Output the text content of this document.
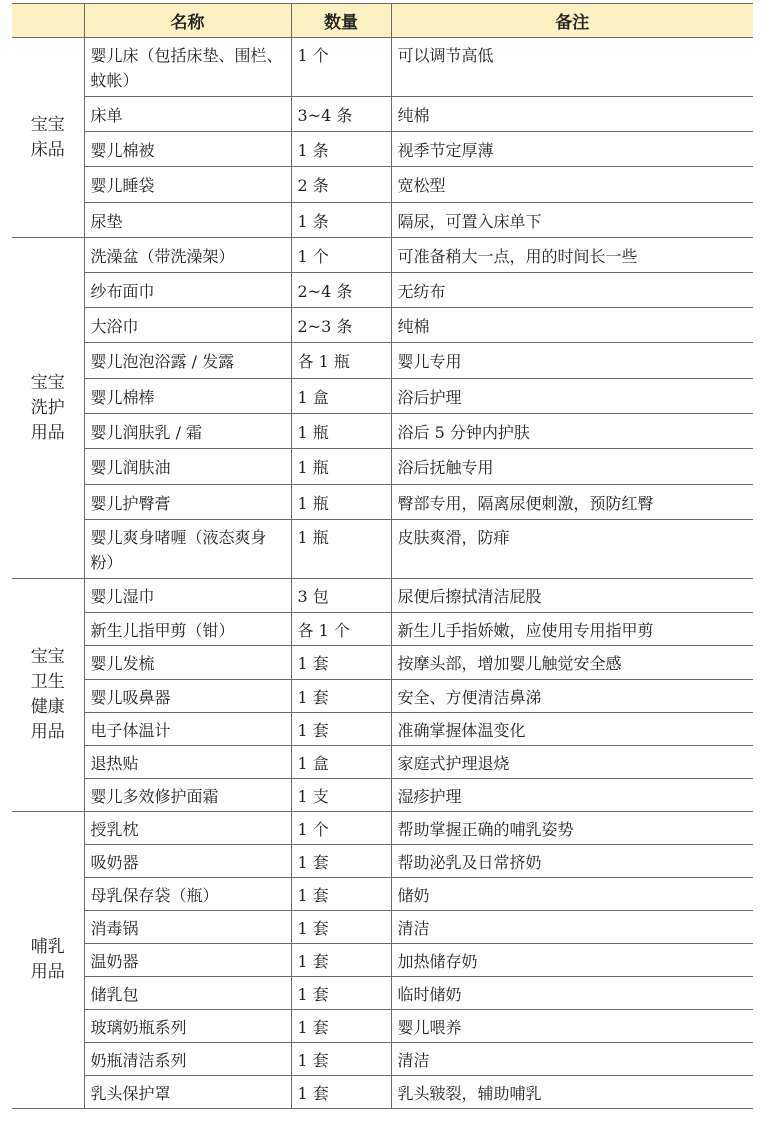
	名称	数量	备注

宝宝
床品	婴儿床（包括床垫、围栏、蚊帐）	1 个	可以调节高低
	床单	3~4 条	纯棉
	婴儿棉被	1 条	视季节定厚薄
	婴儿睡袋	2 条	宽松型
	尿垫	1 条	隔尿，可置入床单下

宝宝
洗护
用品	洗澡盆（带洗澡架）	1 个	可准备稍大一点，用的时间长一些
	纱布面巾	2~4 条	无纺布
	大浴巾	2~3 条	纯棉
	婴儿泡泡浴露 / 发露	各 1 瓶	婴儿专用
	婴儿棉棒	1 盒	浴后护理
	婴儿润肤乳 / 霜	1 瓶	浴后 5 分钟内护肤
	婴儿润肤油	1 瓶	浴后抚触专用
	婴儿护臀膏	1 瓶	臀部专用，隔离尿便刺激，预防红臀
	婴儿爽身啫喱（液态爽身粉）	1 瓶	皮肤爽滑，防痱

宝宝
卫生
健康
用品	婴儿湿巾	3 包	尿便后擦拭清洁屁股
	新生儿指甲剪（钳）	各 1 个	新生儿手指娇嫩，应使用专用指甲剪
	婴儿发梳	1 套	按摩头部，增加婴儿触觉安全感
	婴儿吸鼻器	1 套	安全、方便清洁鼻涕
	电子体温计	1 套	准确掌握体温变化
	退热贴	1 盒	家庭式护理退烧
	婴儿多效修护面霜	1 支	湿疹护理

哺乳
用品	授乳枕	1 个	帮助掌握正确的哺乳姿势
	吸奶器	1 套	帮助泌乳及日常挤奶
	母乳保存袋（瓶）	1 套	储奶
	消毒锅	1 套	清洁
	温奶器	1 套	加热储存奶
	储乳包	1 套	临时储奶
	玻璃奶瓶系列	1 套	婴儿喂养
	奶瓶清洁系列	1 套	清洁
	乳头保护罩	1 套	乳头皲裂，辅助哺乳
